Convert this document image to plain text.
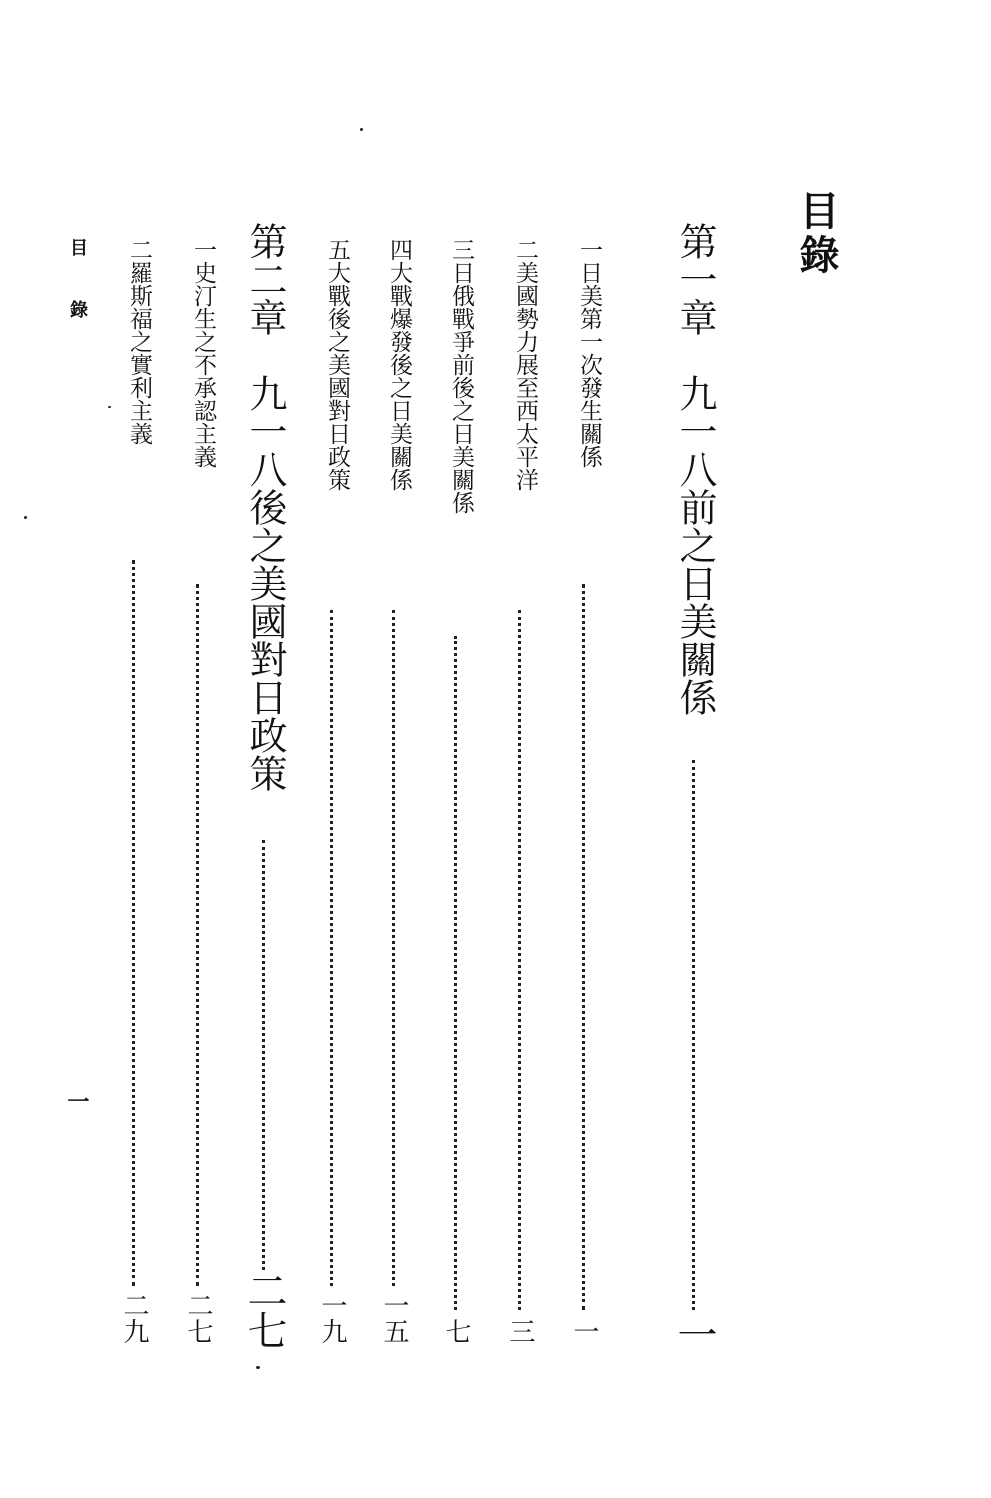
目錄
第一章　九一八前之日美關係
一
一日美第一次發生關係
一
二美國勢力展至西太平洋
三
三日俄戰爭前後之日美關係
七
四大戰爆發後之日美關係
一五
五大戰後之美國對日政策
一九
第二章　九一八後之美國對日政策
二七
一史汀生之不承認主義
二七
二羅斯福之實利主義
二九
目錄
一
